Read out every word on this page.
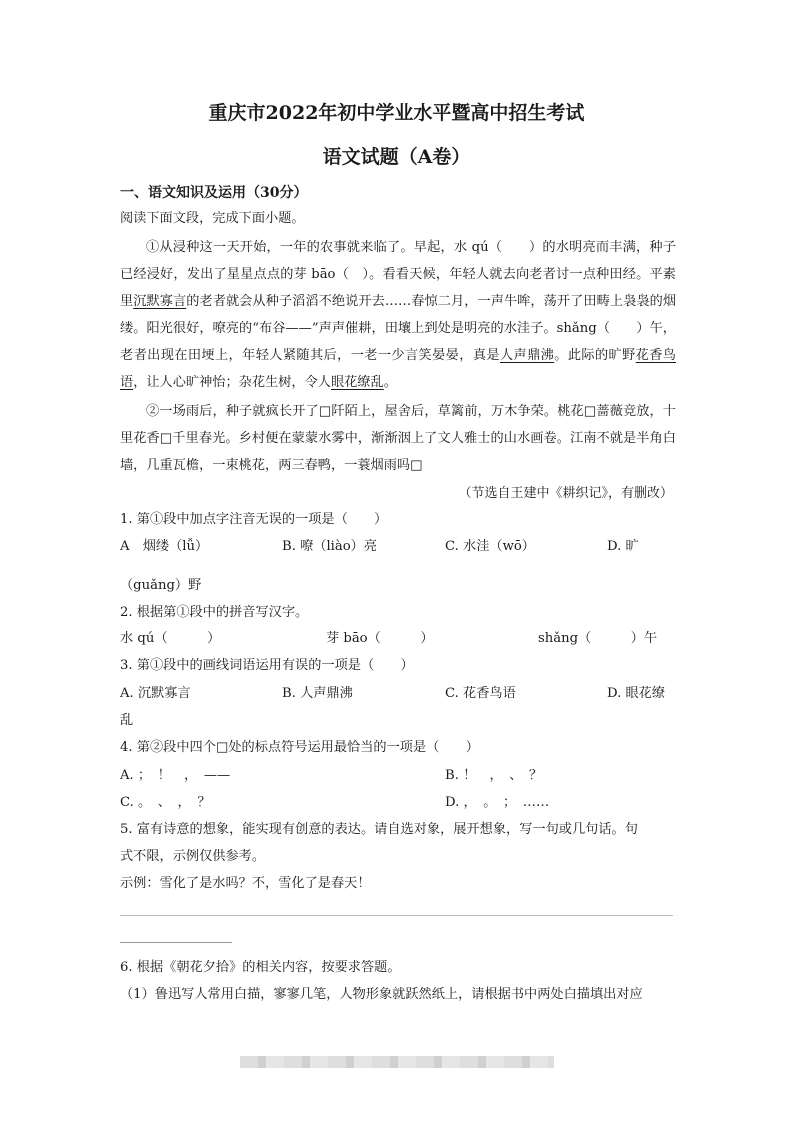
重庆市2022年初中学业水平暨高中招生考试
语文试题（A卷）
一、语文知识及运用（30分）
阅读下面文段，完成下面小题。
①从浸种这一天开始，一年的农事就来临了。早起，水 qú（　　）的水明亮而丰满，种子已经浸好，发出了星星点点的芽 bāo（　）。看看天候，年轻人就去向老者讨一点种田经。平素里沉默寡言的老者就会从种子滔滔不绝说开去……春惊二月，一声牛哞，荡开了田畴上袅袅的烟缕。阳光很好，嘹亮的“布谷——”声声催耕，田壤上到处是明亮的水洼子。shǎng（　　）午，老者出现在田埂上，年轻人紧随其后，一老一少言笑晏晏，真是人声鼎沸。此际的旷野花香鸟语，让人心旷神怡；杂花生树，令人眼花缭乱。
②一场雨后，种子就疯长开了□阡陌上，屋舍后，草篱前，万木争荣。桃花□蔷薇竞放，十里花香□千里春光。乡村便在蒙蒙水雾中，渐渐洇上了文人雅士的山水画卷。江南不就是半角白墙，几重瓦檐，一束桃花，两三春鸭，一蓑烟雨吗□
（节选自王建中《耕织记》，有删改）
1. 第①段中加点字注音无误的一项是（　　）
A　烟缕（lǚ）	B. 嘹（liào）亮	C. 水洼（wō）	D. 旷
（guǎng）野
2. 根据第①段中的拼音写汉字。
水 qú（　　　）	芽 bāo（　　　）	shǎng（　　　）午
3. 第①段中的画线词语运用有误的一项是（　　）
A. 沉默寡言	B. 人声鼎沸	C. 花香鸟语	D. 眼花缭
乱
4. 第②段中四个□处的标点符号运用最恰当的一项是（　　）
A. ；　！　，　——	B. ！　，　、　？
C. 。　、　，　？	D. ，　。　；　……
5. 富有诗意的想象，能实现有创意的表达。请自选对象，展开想象，写一句或几句话。句
式不限，示例仅供参考。
示例：雪化了是水吗？不，雪化了是春天！
6. 根据《朝花夕拾》的相关内容，按要求答题。
（1）鲁迅写人常用白描，寥寥几笔，人物形象就跃然纸上，请根据书中两处白描填出对应
